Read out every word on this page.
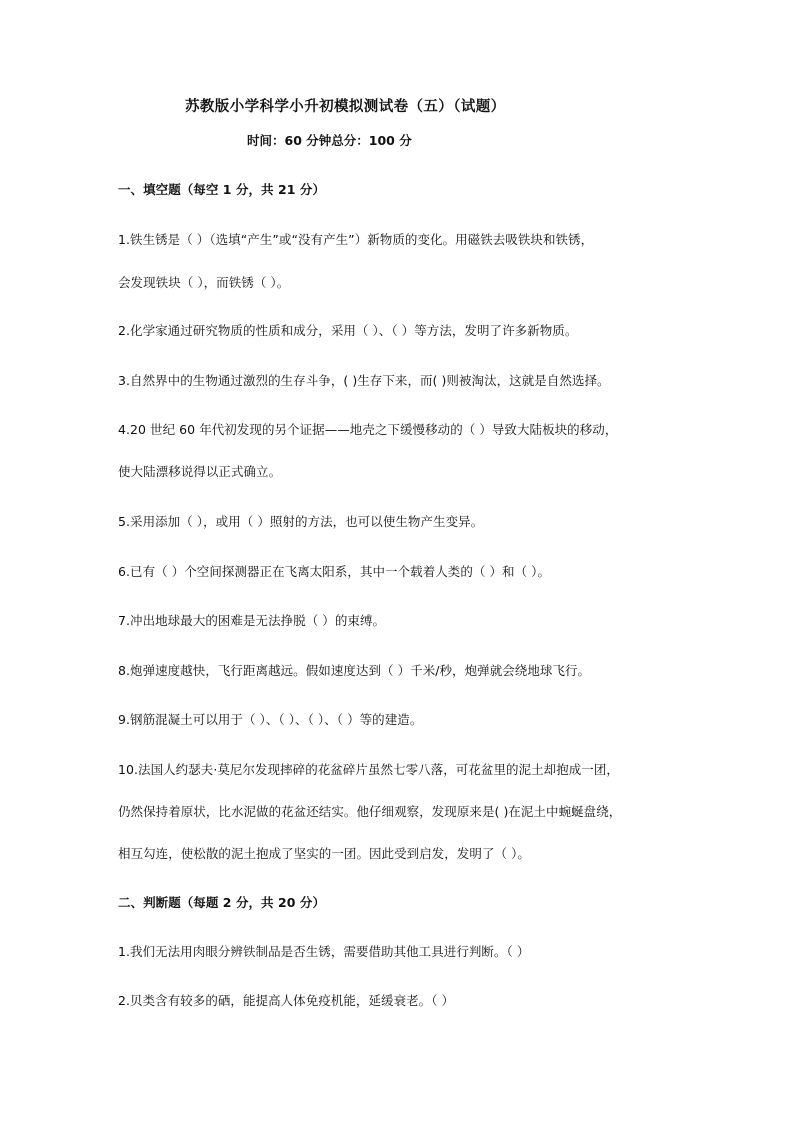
苏教版小学科学小升初模拟测试卷（五）（试题）
时间：60 分钟总分：100 分
一、填空题（每空 1 分，共 21 分）
1.铁生锈是（ ）（选填“产生”或“没有产生”）新物质的变化。用磁铁去吸铁块和铁锈，
会发现铁块（ ），而铁锈（ ）。
2.化学家通过研究物质的性质和成分，采用（ ）、（ ）等方法，发明了许多新物质。
3.自然界中的生物通过激烈的生存斗争，( )生存下来，而( )则被淘汰，这就是自然选择。
4.20 世纪 60 年代初发现的另个证据——地壳之下缓慢移动的（ ）导致大陆板块的移动，
使大陆漂移说得以正式确立。
5.采用添加（ ），或用（ ）照射的方法，也可以使生物产生变异。
6.已有（ ）个空间探测器正在飞离太阳系，其中一个载着人类的（ ）和（ ）。
7.冲出地球最大的困难是无法挣脱（ ）的束缚。
8.炮弹速度越快，飞行距离越远。假如速度达到（ ）千米/秒，炮弹就会绕地球飞行。
9.钢筋混凝土可以用于（ ）、（ ）、（ ）、（ ）等的建造。
10.法国人约瑟夫·莫尼尔发现摔碎的花盆碎片虽然七零八落，可花盆里的泥土却抱成一团，
仍然保持着原状，比水泥做的花盆还结实。他仔细观察，发现原来是( )在泥土中蜿蜒盘绕，
相互勾连，使松散的泥土抱成了坚实的一团。因此受到启发，发明了（ ）。
二、判断题（每题 2 分，共 20 分）
1.我们无法用肉眼分辨铁制品是否生锈，需要借助其他工具进行判断。（ ）
2.贝类含有较多的硒，能提高人体免疫机能，延缓衰老。（ ）
